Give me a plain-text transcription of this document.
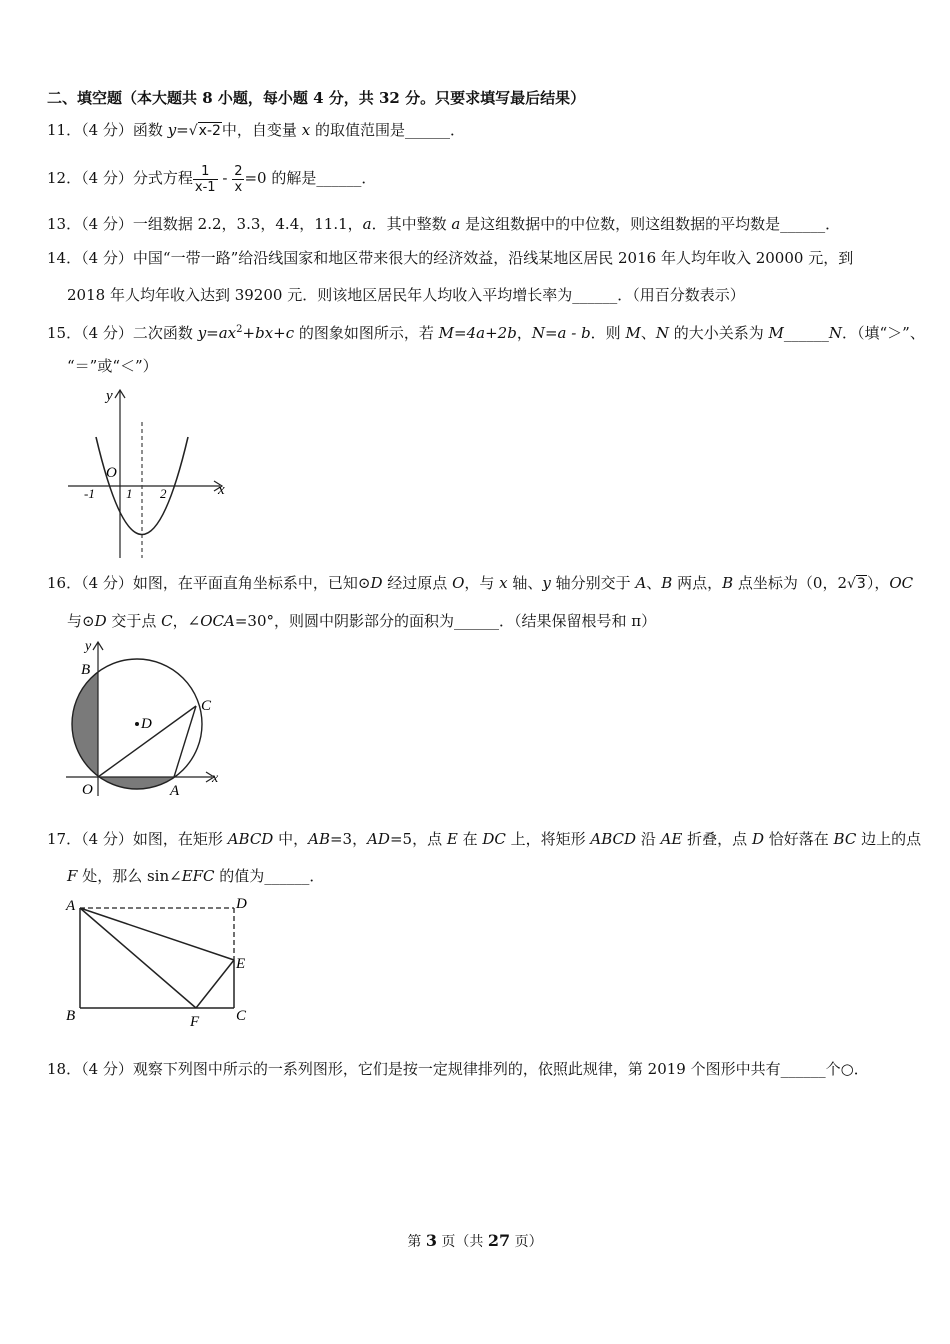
二、填空题（本大题共 8 小题，每小题 4 分，共 32 分。只要求填写最后结果）
11．（4 分）函数 y=√x-2中，自变量 x 的取值范围是______．
12．（4 分）分式方程 $\frac{1}{x-1} - \frac{2}{x} =0$ 的解是______．
13．（4 分）一组数据 2.2，3.3，4.4，11.1，a．其中整数 a 是这组数据中的中位数，则这组数据的平均数是______．
14．（4 分）中国“一带一路”给沿线国家和地区带来很大的经济效益，沿线某地区居民 2016 年人均年收入 20000 元，到
2018 年人均年收入达到 39200 元．则该地区居民年人均收入平均增长率为______．（用百分数表示）
15．（4 分）二次函数 $y=ax^2+bx+c$ 的图象如图所示，若 M=4a+2b，N=a - b．则 M、N 的大小关系为 M______N．（填“＞”、
“＝”或“＜”）
y
x
O
-1 1 2
16．（4 分）如图，在平面直角坐标系中，已知⊙D 经过原点 O，与 x 轴、y 轴分别交于 A、B 两点，B 点坐标为（0，2√3），OC
与⊙D 交于点 C，∠OCA=30°，则圆中阴影部分的面积为______．（结果保留根号和 π）
y
x
O	A
B
C
D
17．（4 分）如图，在矩形 ABCD 中，AB=3，AD=5，点 E 在 DC 上，将矩形 ABCD 沿 AE 折叠，点 D 恰好落在 BC 边上的点
F 处，那么 sin∠EFC 的值为______．
A
B	C
D
E
F
18．（4 分）观察下列图中所示的一系列图形，它们是按一定规律排列的，依照此规律，第 2019 个图形中共有______个○．
第 3 页（共 27 页）
